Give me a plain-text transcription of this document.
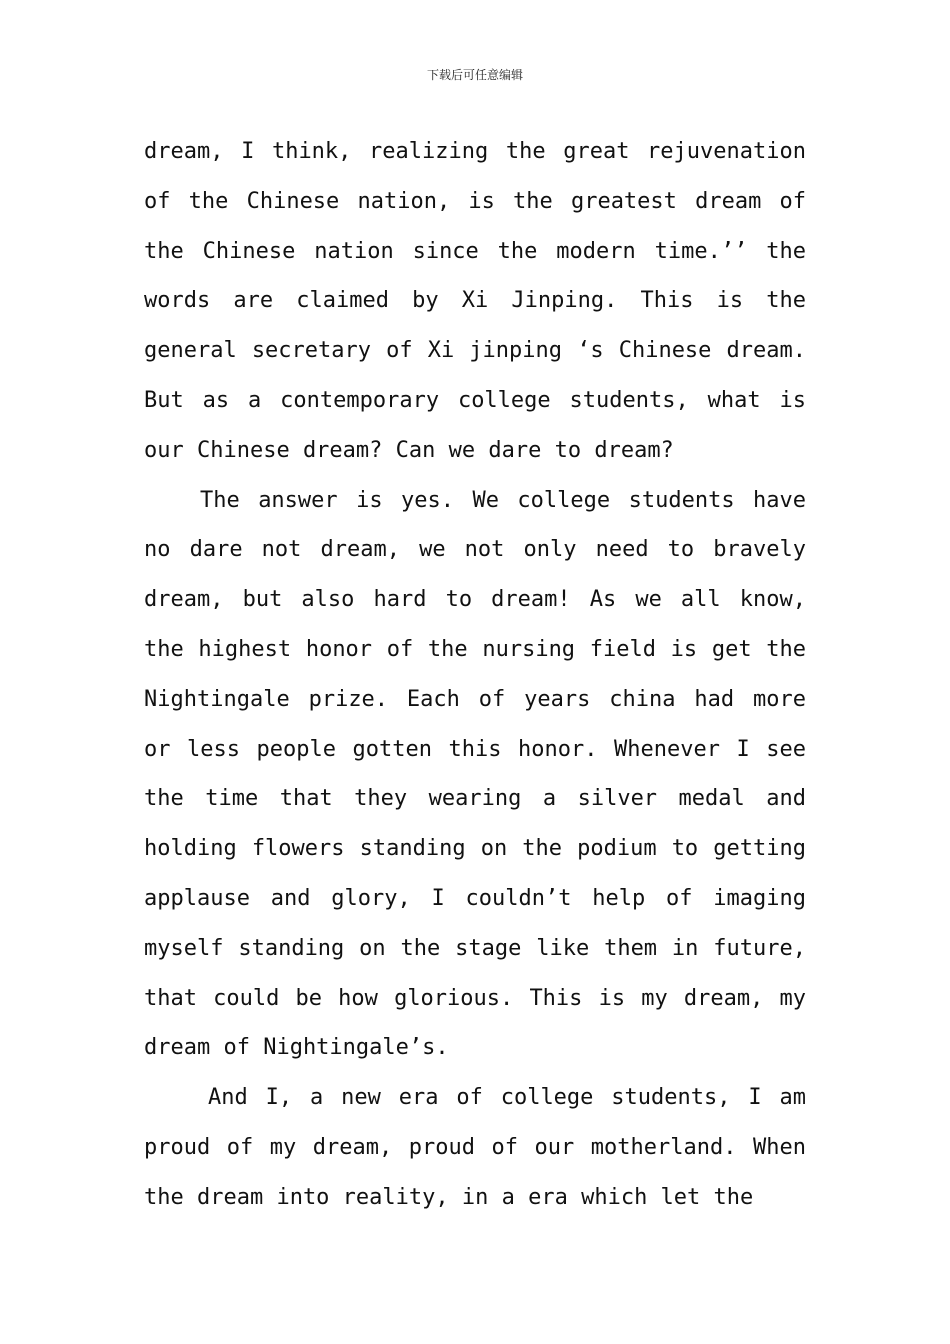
下载后可任意编辑

dream, I think, realizing the great rejuvenation of the Chinese nation, is the greatest dream of the Chinese nation since the modern time.’’ the words are claimed by Xi Jinping. This is the general secretary of Xi jinping ‘s Chinese dream. But as a contemporary college students, what is our Chinese dream? Can we dare to dream?

The answer is yes. We college students have no dare not dream, we not only need to bravely dream, but also hard to dream! As we all know, the highest honor of the nursing field is get the Nightingale prize. Each of years china had more or less people gotten this honor. Whenever I see the time that they wearing a silver medal and holding flowers standing on the podium to getting applause and glory, I couldn’t help of imaging myself standing on the stage like them in future, that could be how glorious. This is my dream, my dream of Nightingale’s.

And I, a new era of college students, I am proud of my dream, proud of our motherland. When the dream into reality, in a era which let the
